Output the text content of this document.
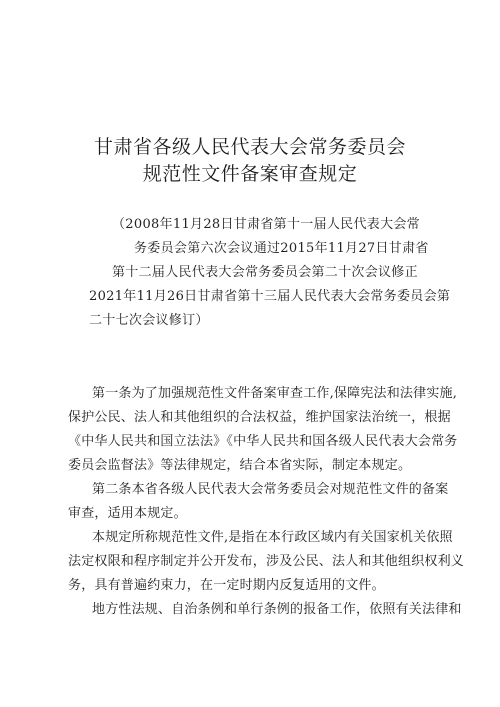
甘肃省各级人民代表大会常务委员会
规范性文件备案审查规定
（2008年11月28日甘肃省第十一届人民代表大会常
务委员会第六次会议通过2015年11月27日甘肃省
第十二届人民代表大会常务委员会第二十次会议修正
2021年11月26日甘肃省第十三届人民代表大会常务委员会第
二十七次会议修订）
第一条为了加强规范性文件备案审查工作,保障宪法和法律实施,
保护公民、法人和其他组织的合法权益，维护国家法治统一，根据
《中华人民共和国立法法》《中华人民共和国各级人民代表大会常务
委员会监督法》等法律规定，结合本省实际，制定本规定。
第二条本省各级人民代表大会常务委员会对规范性文件的备案
审查，适用本规定。
本规定所称规范性文件,是指在本行政区域内有关国家机关依照
法定权限和程序制定并公开发布，涉及公民、法人和其他组织权利义
务，具有普遍约束力，在一定时期内反复适用的文件。
地方性法规、自治条例和单行条例的报备工作，依照有关法律和
